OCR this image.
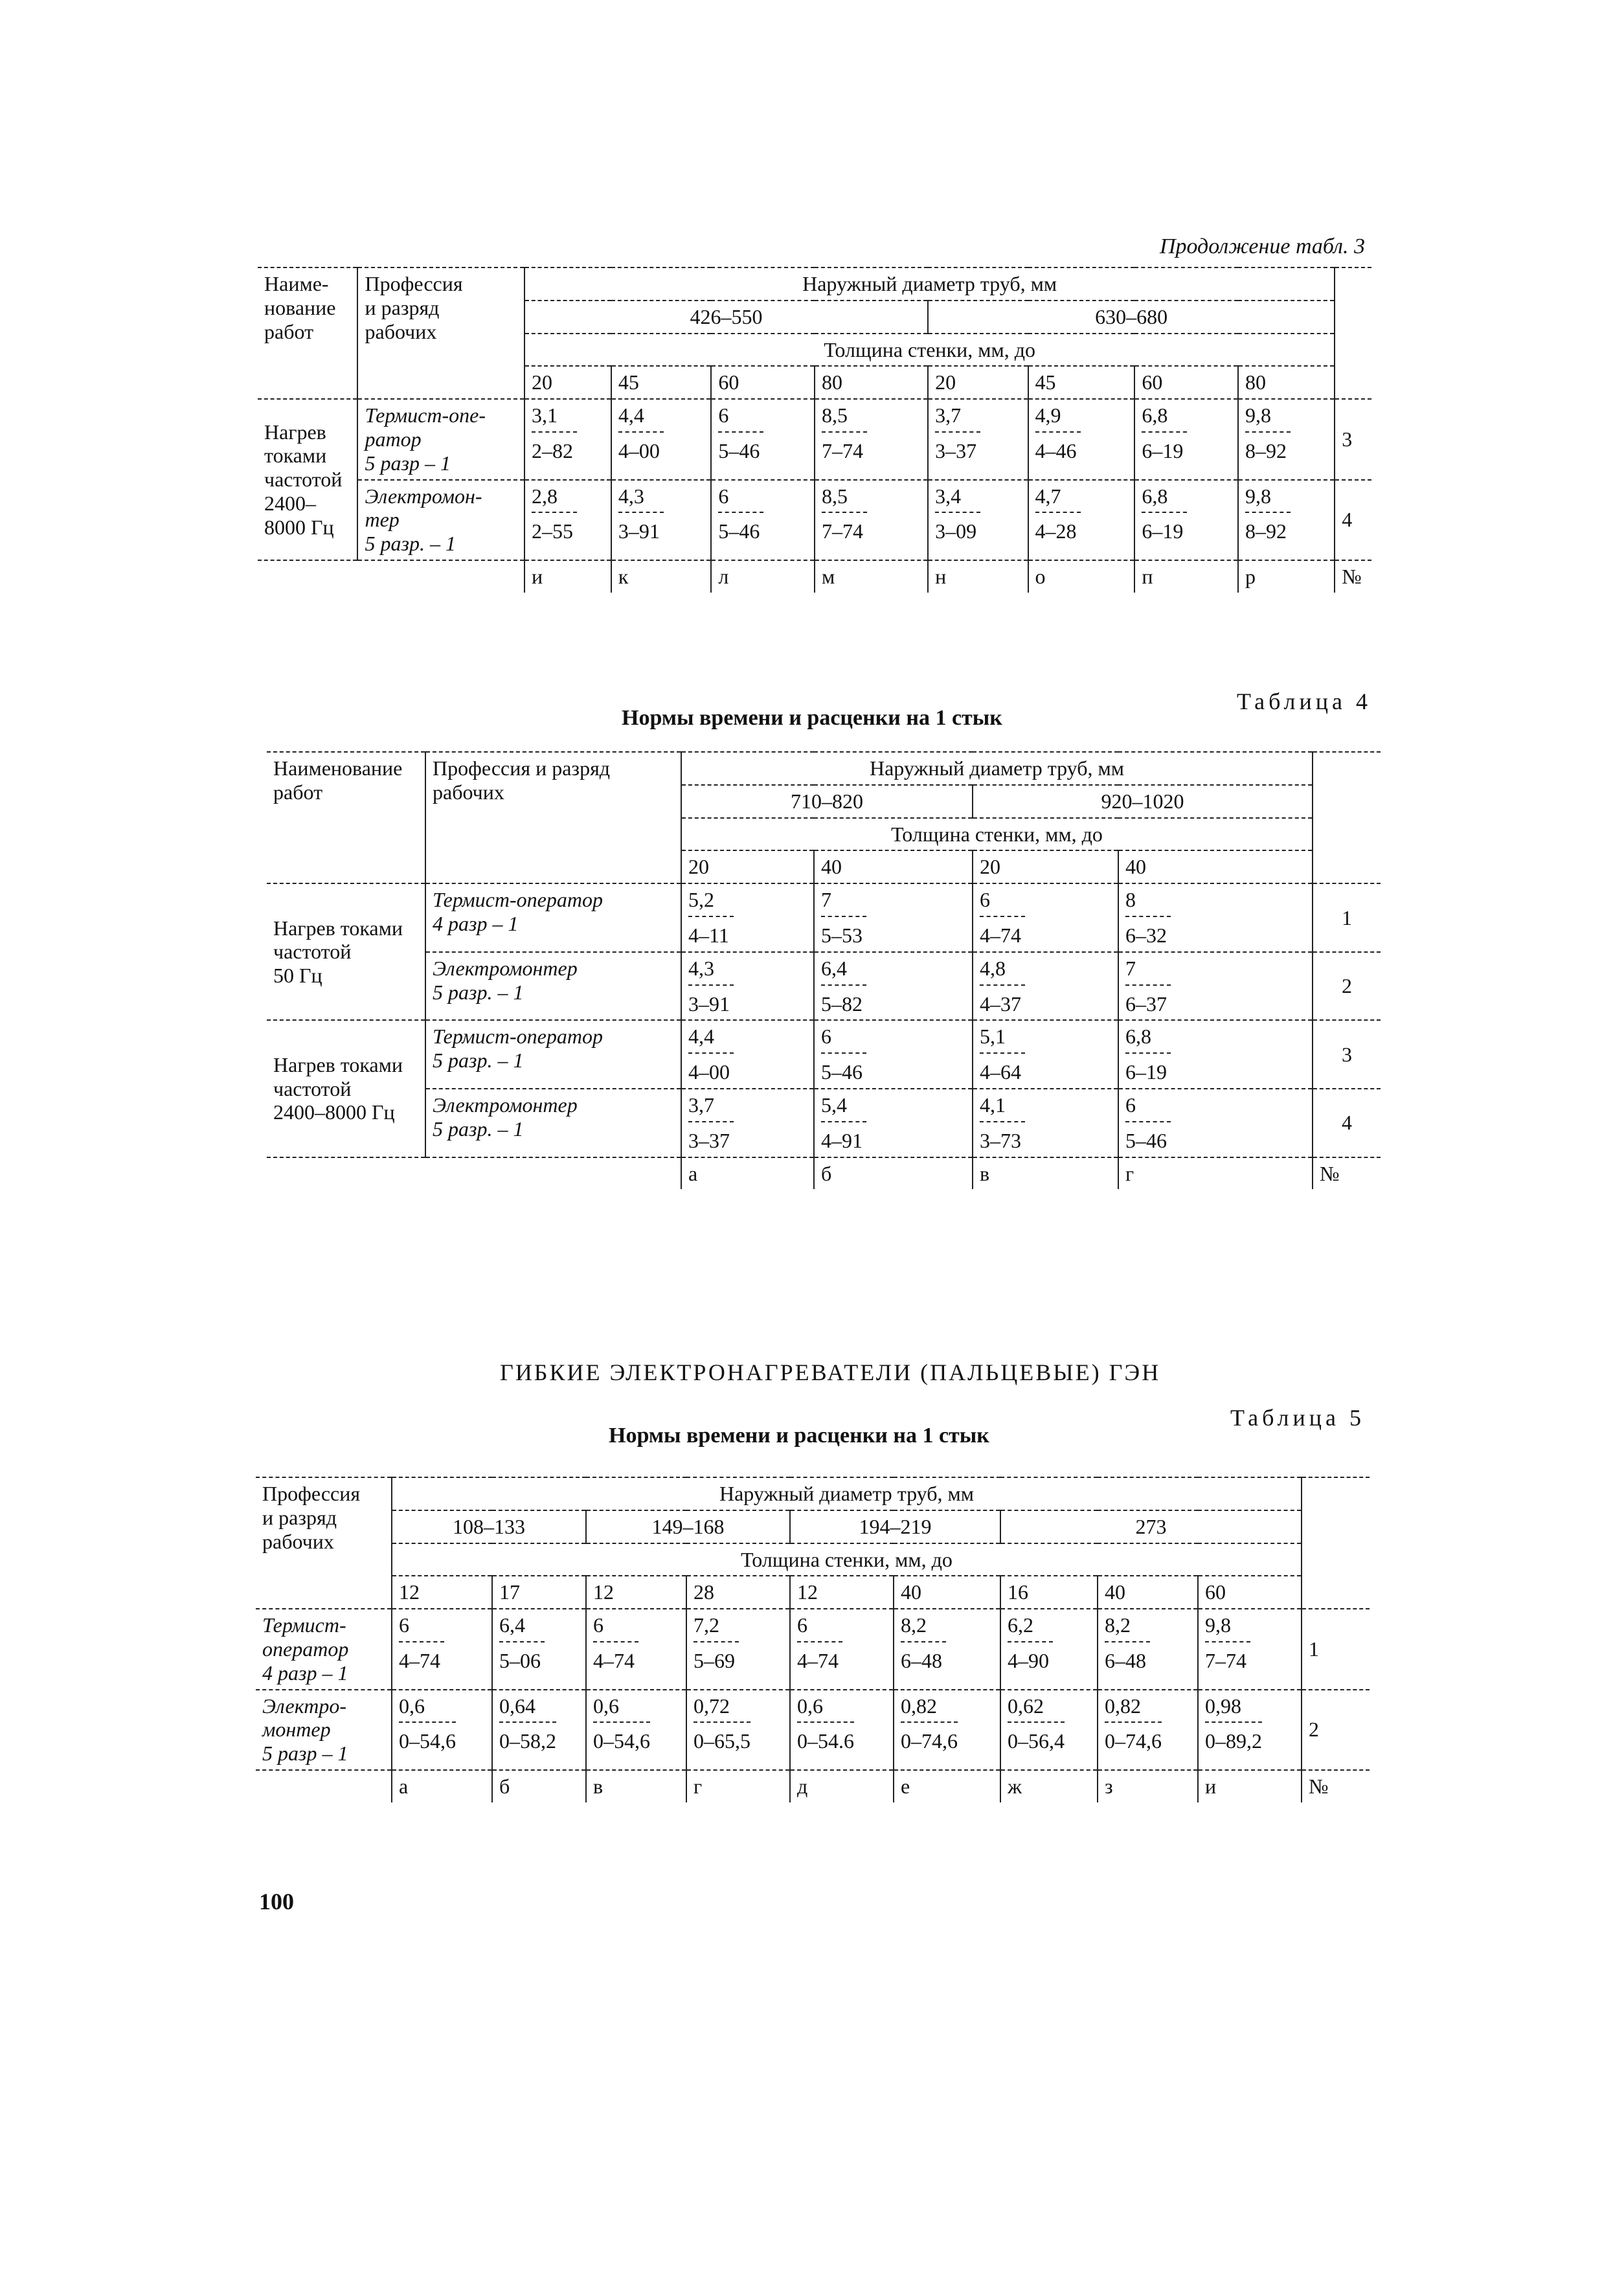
Продолжение табл. 3
Наиме-
нование
работ	Профессия
и разряд
рабочих	Наружный диаметр труб, мм								
		426–550				630–680				
		Толщина стенки, мм, до								
		20	45	60	80	20	45	60	80	
Нагрев
токами
частотой
2400–
8000 Гц	Термист-опе-
ратор
5 разр – 1	$\frac{3,1}{2-82}$	$\frac{4,4}{4-00}$	$\frac{6}{5-46}$	$\frac{8,5}{7-74}$	$\frac{3,7}{3-37}$	$\frac{4,9}{4-46}$	$\frac{6,8}{6-19}$	$\frac{9,8}{8-92}$	3
	Электромон-
тер
5 разр. – 1	$\frac{2,8}{2-55}$	$\frac{4,3}{3-91}$	$\frac{6}{5-46}$	$\frac{8,5}{7-74}$	$\frac{3,4}{3-09}$	$\frac{4,7}{4-28}$	$\frac{6,8}{6-19}$	$\frac{9,8}{8-92}$	4
		и	к	л	м	н	о	п	р	№
Нормы времени и расценки на 1 стык
Таблица 4
Наименование
работ	Профессия и разряд
рабочих	Наружный диаметр труб, мм				
		710–820		920–1020		
		Толщина стенки, мм, до				
		20	40	20	40	
Нагрев токами
частотой
50 Гц	Термист-оператор
4 разр – 1	$\frac{5,2}{4-11}$	$\frac{7}{5-53}$	$\frac{6}{4-74}$	$\frac{8}{6-32}$	1
	Электромонтер
5 разр. – 1	$\frac{4,3}{3-91}$	$\frac{6,4}{5-82}$	$\frac{4,8}{4-37}$	$\frac{7}{6-37}$	2
Нагрев токами
частотой
2400–8000 Гц	Термист-оператор
5 разр. – 1	$\frac{4,4}{4-00}$	$\frac{6}{5-46}$	$\frac{5,1}{4-64}$	$\frac{6,8}{6-19}$	3
	Электромонтер
5 разр. – 1	$\frac{3,7}{3-37}$	$\frac{5,4}{4-91}$	$\frac{4,1}{3-73}$	$\frac{6}{5-46}$	4
		а	б	в	г	№
ГИБКИЕ ЭЛЕКТРОНАГРЕВАТЕЛИ (ПАЛЬЦЕВЫЕ) ГЭН
Нормы времени и расценки на 1 стык
Таблица 5
Профессия
и разряд
рабочих	Наружный диаметр труб, мм									
	108–133		149–168		194–219		273			
	Толщина стенки, мм, до									
	12	17	12	28	12	40	16	40	60	
Термист-
оператор
4 разр – 1	$\frac{6}{4-74}$	$\frac{6,4}{5-06}$	$\frac{6}{4-74}$	$\frac{7,2}{5-69}$	$\frac{6}{4-74}$	$\frac{8,2}{6-48}$	$\frac{6,2}{4-90}$	$\frac{8,2}{6-48}$	$\frac{9,8}{7-74}$	1
Электро-
монтер
5 разр – 1	$\frac{0,6}{0-54,6}$	$\frac{0,64}{0-58,2}$	$\frac{0,6}{0-54,6}$	$\frac{0,72}{0-65,5}$	$\frac{0,6}{0-54.6}$	$\frac{0,82}{0-74,6}$	$\frac{0,62}{0-56,4}$	$\frac{0,82}{0-74,6}$	$\frac{0,98}{0-89,2}$	2
	а	б	в	г	д	е	ж	з	и	№
100
